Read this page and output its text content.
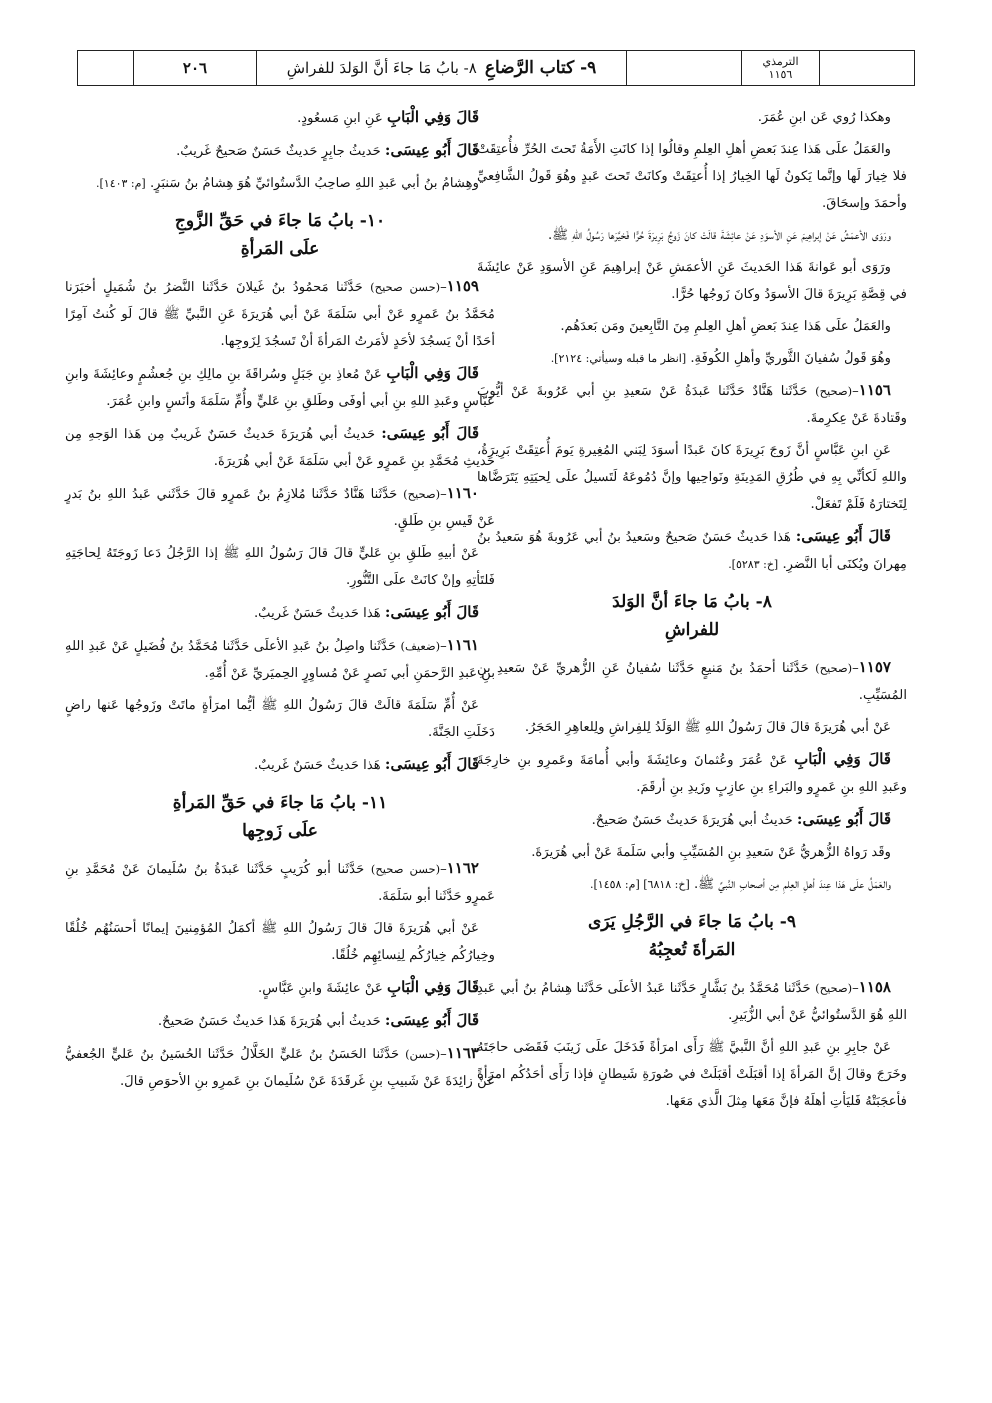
٢٠٦	٩- كتاب الرَّضاعِ
٨- بابُ مَا جاءَ أنَّ الوَلدَ للفراشِ	الترمذي
١١٥٦

وهكذا رُوي عَن ابنِ عُمَرَ.

والعَمَلُ علَى هَذا عِندَ بَعضِ أهلِ العِلمِ وقالُوا إذا كانَتِ الأَمَةُ تَحتَ الحُرِّ فأُعتِقَتْ فلا خِيارَ لَها وإنَّما يَكونُ لَها الخِيارُ إذا أُعتِقَتْ وكانَتْ تَحتَ عَبدٍ وهُوَ قَولُ الشَّافِعيِّ وأحمَدَ وإسحَاقَ.

ورَوَى الأعمَشُ عَنْ إبراهِيمَ عَنِ الأسوَدِ عَنْ عائِشَةَ قالَتْ كانَ زَوجُ بَرِيرَةَ حُرًّا فَخيَّرَها رَسُولُ اللهِ ﷺ.

ورَوَى أبو عَوانةَ هَذا الحَديثَ عَنِ الأعمَشِ عَنْ إبراهِيمَ عَنِ الأسوَدِ عَنْ عائِشَةَ في قِصَّةِ بَرِيرَةَ قالَ الأسوَدُ وكانَ زَوجُها حُرًّا.

والعَمَلُ علَى هَذا عِندَ بَعضِ أهلِ العِلمِ مِنَ التَّابِعينَ ومَن بَعدَهُم.

وهُوَ قَولُ سُفيانَ الثَّوريِّ وأهلِ الكُوفَةِ. [انظر ما قبله وسيأتي: ٢١٢٤].

١١٥٦–(صحيح) حَدَّثَنا هَنَّادٌ حَدَّثَنا عَبدَةُ عَنْ سَعيدِ بنِ أبي عَرُوبةَ عَنْ أيُّوبَ وقَتادةَ عَنْ عِكرِمةَ.

عَنِ ابنِ عَبَّاسٍ أنَّ زَوجَ بَرِيرَةَ كانَ عَبدًا أسوَدَ لِبَني المُغِيرةِ يَومَ أُعتِقَتْ بَرِيرَةُ، واللهِ لَكأنِّي بِهِ في طُرُقِ المَدِينَةِ ونَواحِيها وإنَّ دُمُوعَهُ لَتَسيلُ علَى لِحيَتِهِ يَتَرَضَّاها لِتَختارَهُ فَلَمْ تَفعَلْ.

قَالَ أَبُو عِيسَى: هَذا حَديثٌ حَسَنٌ صَحيحٌ وسَعيدُ بنُ أبي عَرُوبةَ هُوَ سَعيدُ بنُ مِهرانَ ويُكنَى أبا النَّضرِ. [خ: ٥٢٨٣].

٨- بابُ مَا جاءَ أنَّ الوَلدَ
للفراشِ

١١٥٧–(صحيح) حَدَّثَنا أحمَدُ بنُ مَنيعٍ حَدَّثَنا سُفيانُ عَنِ الزُّهريِّ عَنْ سَعيدِ بنِ المُسَيِّبِ.

عَنْ أبي هُرَيرَةَ قالَ قالَ رَسُولُ اللهِ ﷺ الوَلَدُ لِلفِراشِ ولِلعاهِرِ الحَجَرُ.

قَالَ وَفِي الْبَابِ عَنْ عُمَرَ وعُثمانَ وعائِشَةَ وأبي أُمامَةَ وعَمرِو بنِ خارِجَةَ وعَبدِ اللهِ بنِ عَمرٍو والبَراءِ بنِ عازِبٍ وزَيدِ بنِ أرقَمَ.

قَالَ أَبُو عِيسَى: حَديثُ أبي هُرَيرَةَ حَديثٌ حَسَنٌ صَحيحٌ.

وقَد رَواهُ الزُّهريُّ عَنْ سَعيدِ بنِ المُسَيِّبِ وأبي سَلَمةَ عَنْ أبي هُرَيرَةَ.

والعَمَلُ علَى هَذا عِندَ أهلِ العِلمِ مِن أصحابِ النَّبيِّ ﷺ. [خ: ٦٨١٨] [م: ١٤٥٨].

٩- بابُ مَا جاءَ في الرَّجُلِ يَرَى
المَرأةَ تُعجِبُهُ

١١٥٨–(صحيح) حَدَّثَنا مُحَمَّدُ بنُ بَشَّارٍ حَدَّثَنا عَبدُ الأعلَى حَدَّثَنا هِشامُ بنُ أبي عَبدِ اللهِ هُوَ الدَّستُوائيُّ عَنْ أبي الزُّبَيرِ.

عَنْ جابِرِ بنِ عَبدِ اللهِ أنَّ النَّبيَّ ﷺ رَأَى امرَأةً فَدَخَلَ علَى زَينَبَ فَقَضَى حاجَتَهُ وخَرَجَ وقالَ إنَّ المَرأةَ إذا أقبَلَتْ أقبَلَتْ في صُورَةِ شَيطانٍ فإذا رَأَى أحَدُكُم امرَأةً فأعجَبَتْهُ فَليَأتِ أهلَهُ فإنَّ مَعَها مِثلَ الَّذي مَعَها.

قَالَ وَفِي الْبَابِ عَنِ ابنِ مَسعُودٍ.

قَالَ أَبُو عِيسَى: حَديثُ جابِرٍ حَديثٌ حَسَنٌ صَحيحٌ غَريبٌ.

وهِشامُ بنُ أبي عَبدِ اللهِ صاحِبُ الدَّستُوائيِّ هُوَ هِشامُ بنُ سَنبَرٍ. [م: ١٤٠٣].

١٠- بابُ مَا جاءَ في حَقِّ الزَّوجِ
علَى المَرأةِ

١١٥٩–(حسن صحيح) حَدَّثَنا مَحمُودُ بنُ غَيلانَ حَدَّثَنا النَّضرُ بنُ شُمَيلٍ أخبَرَنا مُحَمَّدُ بنُ عَمرٍو عَنْ أبي سَلَمَةَ عَنْ أبي هُرَيرَةَ عَنِ النَّبيِّ ﷺ قالَ لَو كُنتُ آمِرًا أحَدًا أنْ يَسجُدَ لأحَدٍ لأمَرتُ المَرأةَ أنْ تَسجُدَ لِزَوجِها.

قَالَ وَفِي الْبَابِ عَنْ مُعاذِ بنِ جَبَلٍ وسُراقَةَ بنِ مالِكِ بنِ جُعشُمٍ وعائِشَةَ وابنِ عَبَّاسٍ وعَبدِ اللهِ بنِ أبي أوفَى وطَلقِ بنِ عَليٍّ وأُمِّ سَلَمَةَ وأنَسٍ وابنِ عُمَرَ.

قَالَ أَبُو عِيسَى: حَديثُ أبي هُرَيرَةَ حَديثٌ حَسَنٌ غَريبٌ مِن هَذا الوَجهِ مِن حَديثِ مُحَمَّدِ بنِ عَمرٍو عَنْ أبي سَلَمَةَ عَنْ أبي هُرَيرَةَ.

١١٦٠–(صحيح) حَدَّثَنا هَنَّادٌ حَدَّثَنا مُلازِمُ بنُ عَمرٍو قالَ حَدَّثَني عَبدُ اللهِ بنُ بَدرٍ عَنْ قَيسِ بنِ طَلقٍ.

عَنْ أبيهِ طَلقِ بنِ عَليٍّ قالَ قالَ رَسُولُ اللهِ ﷺ إذا الرَّجُلُ دَعا زَوجَتَهُ لِحاجَتِهِ فَلتَأتِهِ وإنْ كانَتْ علَى التَّنُّورِ.

قَالَ أَبُو عِيسَى: هَذا حَديثٌ حَسَنٌ غَريبٌ.

١١٦١–(ضعيف) حَدَّثَنا واصِلُ بنُ عَبدِ الأعلَى حَدَّثَنا مُحَمَّدُ بنُ فُضَيلٍ عَنْ عَبدِ اللهِ بنِ عَبدِ الرَّحمَنِ أبي نَصرٍ عَنْ مُساوِرٍ الحِميَريِّ عَنْ أُمِّهِ.

عَنْ أُمِّ سَلَمَةَ قالَتْ قالَ رَسُولُ اللهِ ﷺ أيُّما امرَأةٍ ماتَتْ وزَوجُها عَنها راضٍ دَخَلَتِ الجَنَّةَ.

قَالَ أَبُو عِيسَى: هَذا حَديثٌ حَسَنٌ غَريبٌ.

١١- بابُ مَا جاءَ في حَقِّ المَرأةِ
علَى زَوجِها

١١٦٢–(حسن صحيح) حَدَّثَنا أبو كُرَيبٍ حَدَّثَنا عَبدَةُ بنُ سُلَيمانَ عَنْ مُحَمَّدِ بنِ عَمرٍو حَدَّثَنا أبو سَلَمَةَ.

عَنْ أبي هُرَيرَةَ قالَ قالَ رَسُولُ اللهِ ﷺ أكمَلُ المُؤمِنينَ إيمانًا أحسَنُهُم خُلُقًا وخِيارُكُم خِيارُكُم لِنِسائِهِم خُلُقًا.

قَالَ وَفِي الْبَابِ عَنْ عائِشَةَ وابنِ عَبَّاسٍ.

قَالَ أَبُو عِيسَى: حَديثُ أبي هُرَيرَةَ هَذا حَديثٌ حَسَنٌ صَحيحٌ.

١١٦٣–(حسن) حَدَّثَنا الحَسَنُ بنُ عَليٍّ الخَلَّالُ حَدَّثَنا الحُسَينُ بنُ عَليٍّ الجُعفيُّ عَنْ زائِدَةَ عَنْ شَبيبِ بنِ غَرقَدَةَ عَنْ سُلَيمانَ بنِ عَمرِو بنِ الأحوَصِ قالَ.
